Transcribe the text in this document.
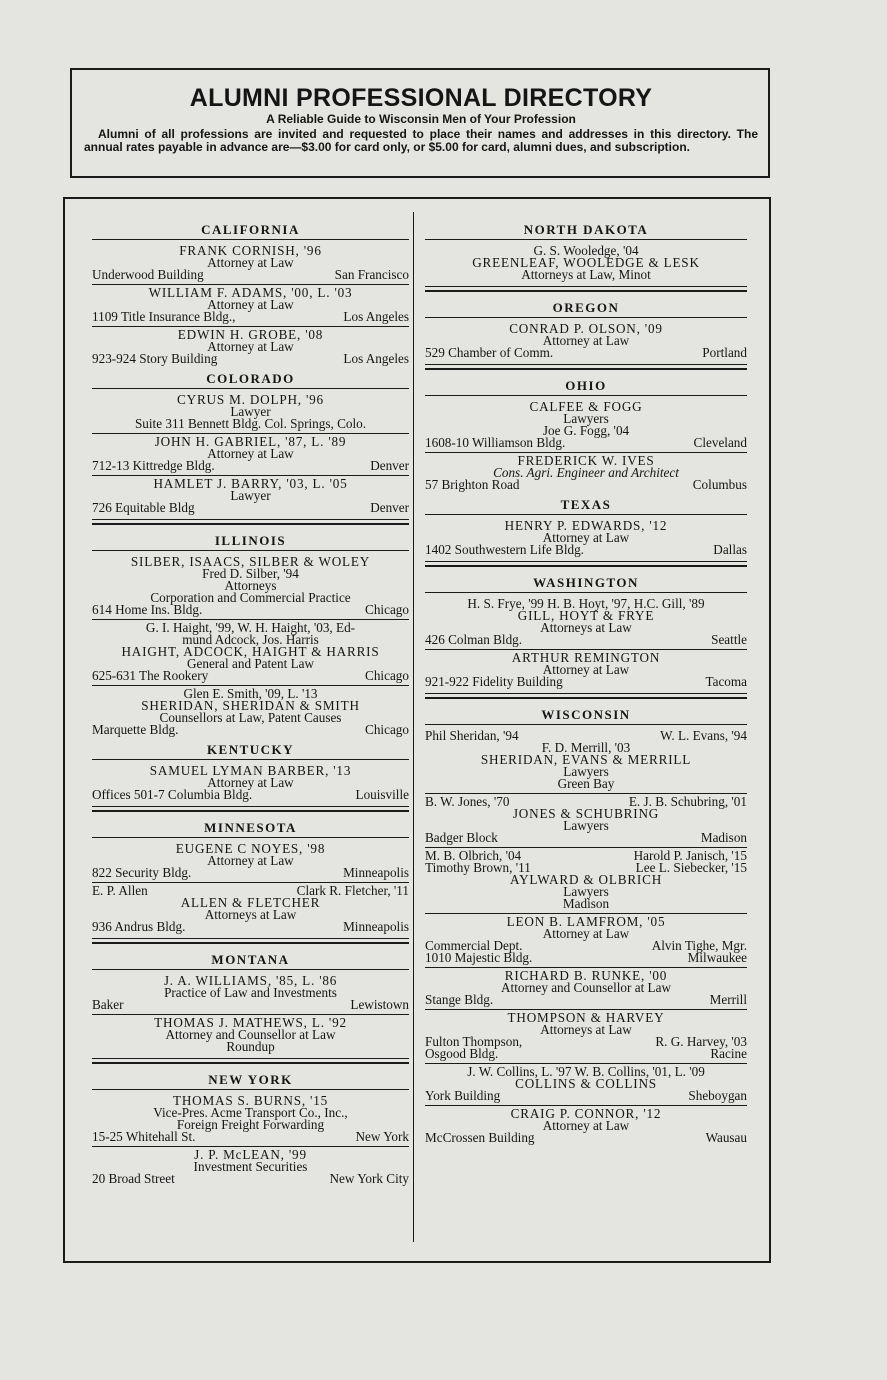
ALUMNI PROFESSIONAL DIRECTORY
A Reliable Guide to Wisconsin Men of Your Profession
Alumni of all professions are invited and requested to place their names and addresses in this directory. The annual rates payable in advance are—$3.00 for card only, or $5.00 for card, alumni dues, and subscription.
CALIFORNIA
FRANK CORNISH, '96
Attorney at Law
Underwood Building	San Francisco
WILLIAM F. ADAMS, '00, L. '03
Attorney at Law
1109 Title Insurance Bldg.,	Los Angeles
EDWIN H. GROBE, '08
Attorney at Law
923-924 Story Building	Los Angeles
COLORADO
CYRUS M. DOLPH, '96
Lawyer
Suite 311 Bennett Bldg. Col. Springs, Colo.
JOHN H. GABRIEL, '87, L. '89
Attorney at Law
712-13 Kittredge Bldg.	Denver
HAMLET J. BARRY, '03, L. '05
Lawyer
726 Equitable Bldg	Denver
ILLINOIS
SILBER, ISAACS, SILBER & WOLEY
Fred D. Silber, '94
Attorneys
Corporation and Commercial Practice
614 Home Ins. Bldg.	Chicago
G. I. Haight, '99, W. H. Haight, '03, Ed-
mund Adcock, Jos. Harris
HAIGHT, ADCOCK, HAIGHT & HARRIS
General and Patent Law
625-631 The Rookery	Chicago
Glen E. Smith, '09, L. '13
SHERIDAN, SHERIDAN & SMITH
Counsellors at Law, Patent Causes
Marquette Bldg.	Chicago
KENTUCKY
SAMUEL LYMAN BARBER, '13
Attorney at Law
Offices 501-7 Columbia Bldg.	Louisville
MINNESOTA
EUGENE C NOYES, '98
Attorney at Law
822 Security Bldg.	Minneapolis
E. P. Allen	Clark R. Fletcher, '11
ALLEN & FLETCHER
Attorneys at Law
936 Andrus Bldg.	Minneapolis
MONTANA
J. A. WILLIAMS, '85, L. '86
Practice of Law and Investments
Baker	Lewistown
THOMAS J. MATHEWS, L. '92
Attorney and Counsellor at Law
Roundup
NEW YORK
THOMAS S. BURNS, '15
Vice-Pres. Acme Transport Co., Inc.,
Foreign Freight Forwarding
15-25 Whitehall St.	New York
J. P. McLEAN, '99
Investment Securities
20 Broad Street	New York City
NORTH DAKOTA
G. S. Wooledge, '04
GREENLEAF, WOOLEDGE & LESK
Attorneys at Law, Minot
OREGON
CONRAD P. OLSON, '09
Attorney at Law
529 Chamber of Comm.	Portland
OHIO
CALFEE & FOGG
Lawyers
Joe G. Fogg, '04
1608-10 Williamson Bldg.	Cleveland
FREDERICK W. IVES
Cons. Agri. Engineer and Architect
57 Brighton Road	Columbus
TEXAS
HENRY P. EDWARDS, '12
Attorney at Law
1402 Southwestern Life Bldg.	Dallas
WASHINGTON
H. S. Frye, '99 H. B. Hoyt, '97, H.C. Gill, '89
GILL, HOYT & FRYE
Attorneys at Law
426 Colman Bldg.	Seattle
ARTHUR REMINGTON
Attorney at Law
921-922 Fidelity Building	Tacoma
WISCONSIN
Phil Sheridan, '94	W. L. Evans, '94
F. D. Merrill, '03
SHERIDAN, EVANS & MERRILL
Lawyers
Green Bay
B. W. Jones, '70	E. J. B. Schubring, '01
JONES & SCHUBRING
Lawyers
Badger Block	Madison
M. B. Olbrich, '04	Harold P. Janisch, '15
Timothy Brown, '11	Lee L. Siebecker, '15
AYLWARD & OLBRICH
Lawyers
Madison
LEON B. LAMFROM, '05
Attorney at Law
Commercial Dept.	Alvin Tighe, Mgr.
1010 Majestic Bldg.	Milwaukee
RICHARD B. RUNKE, '00
Attorney and Counsellor at Law
Stange Bldg.	Merrill
THOMPSON & HARVEY
Attorneys at Law
Fulton Thompson,	R. G. Harvey, '03
Osgood Bldg.	Racine
J. W. Collins, L. '97 W. B. Collins, '01, L. '09
COLLINS & COLLINS
York Building	Sheboygan
CRAIG P. CONNOR, '12
Attorney at Law
McCrossen Building	Wausau
